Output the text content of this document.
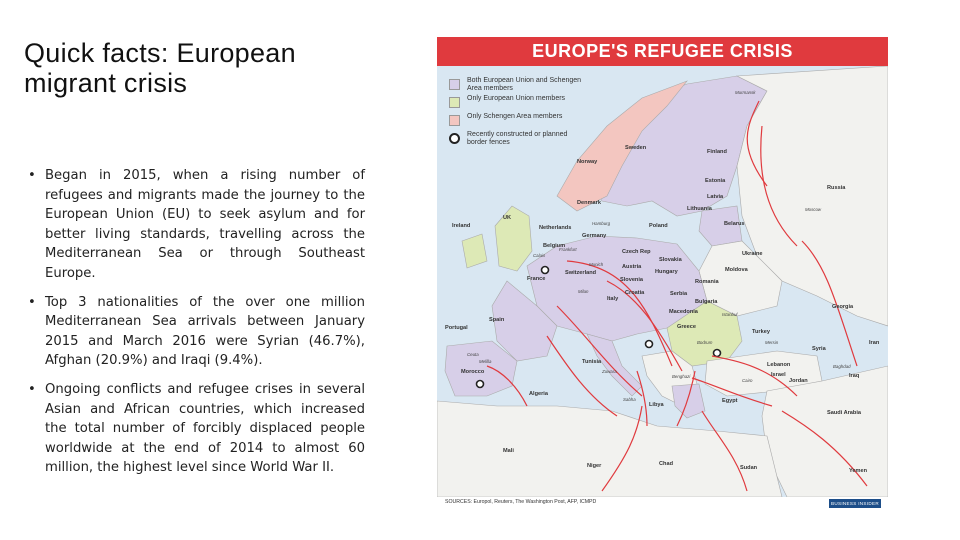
Quick facts: European migrant crisis
• Began in 2015, when a rising number of refugees and migrants made the journey to the European Union (EU) to seek asylum and for better living standards, travelling across the Mediterranean Sea or through Southeast Europe.
• Top 3 nationalities of the over one million Mediterranean Sea arrivals between January 2015 and March 2016 were Syrian (46.7%), Afghan (20.9%) and Iraqi (9.4%).
• Ongoing conflicts and refugee crises in several Asian and African countries, which increased the total number of forcibly displaced people worldwide at the end of 2014 to almost 60 million, the highest level since World War II.
EUROPE'S REFUGEE CRISIS
Both European Union and Schengen Area members
Only European Union members
Only Schengen Area members
Recently constructed or planned border fences
Norway
Sweden
Finland
Russia
Estonia
Latvia
Lithuania
Denmark
Belarus
Ireland
UK
Netherlands
Belgium
Germany
Poland
Czech Rep
Slovakia
Ukraine
Austria
Hungary	Moldova
France
Switzerland
Slovenia	Romania
Croatia	Serbia
Bulgaria
Italy
Macedonia
Georgia
Portugal
Spain
Greece
Turkey
Syria
Iran
Iraq
Lebanon
Israel
Jordan
Morocco
Algeria
Tunisia
Libya
Egypt
Saudi Arabia
Mali
Niger	Chad
Sudan	Yemen
Murmansk
Moscow
Hamburg
Calais
Frankfurt
Munich
Milan
Bodrum
Istanbul
Mersin
Baghdad
Ceuta
Melilla
Zuwara
Benghazi
Sabha
Cairo
SOURCES: Europol, Reuters, The Washington Post, AFP, ICMPD	BUSINESS INSIDER
